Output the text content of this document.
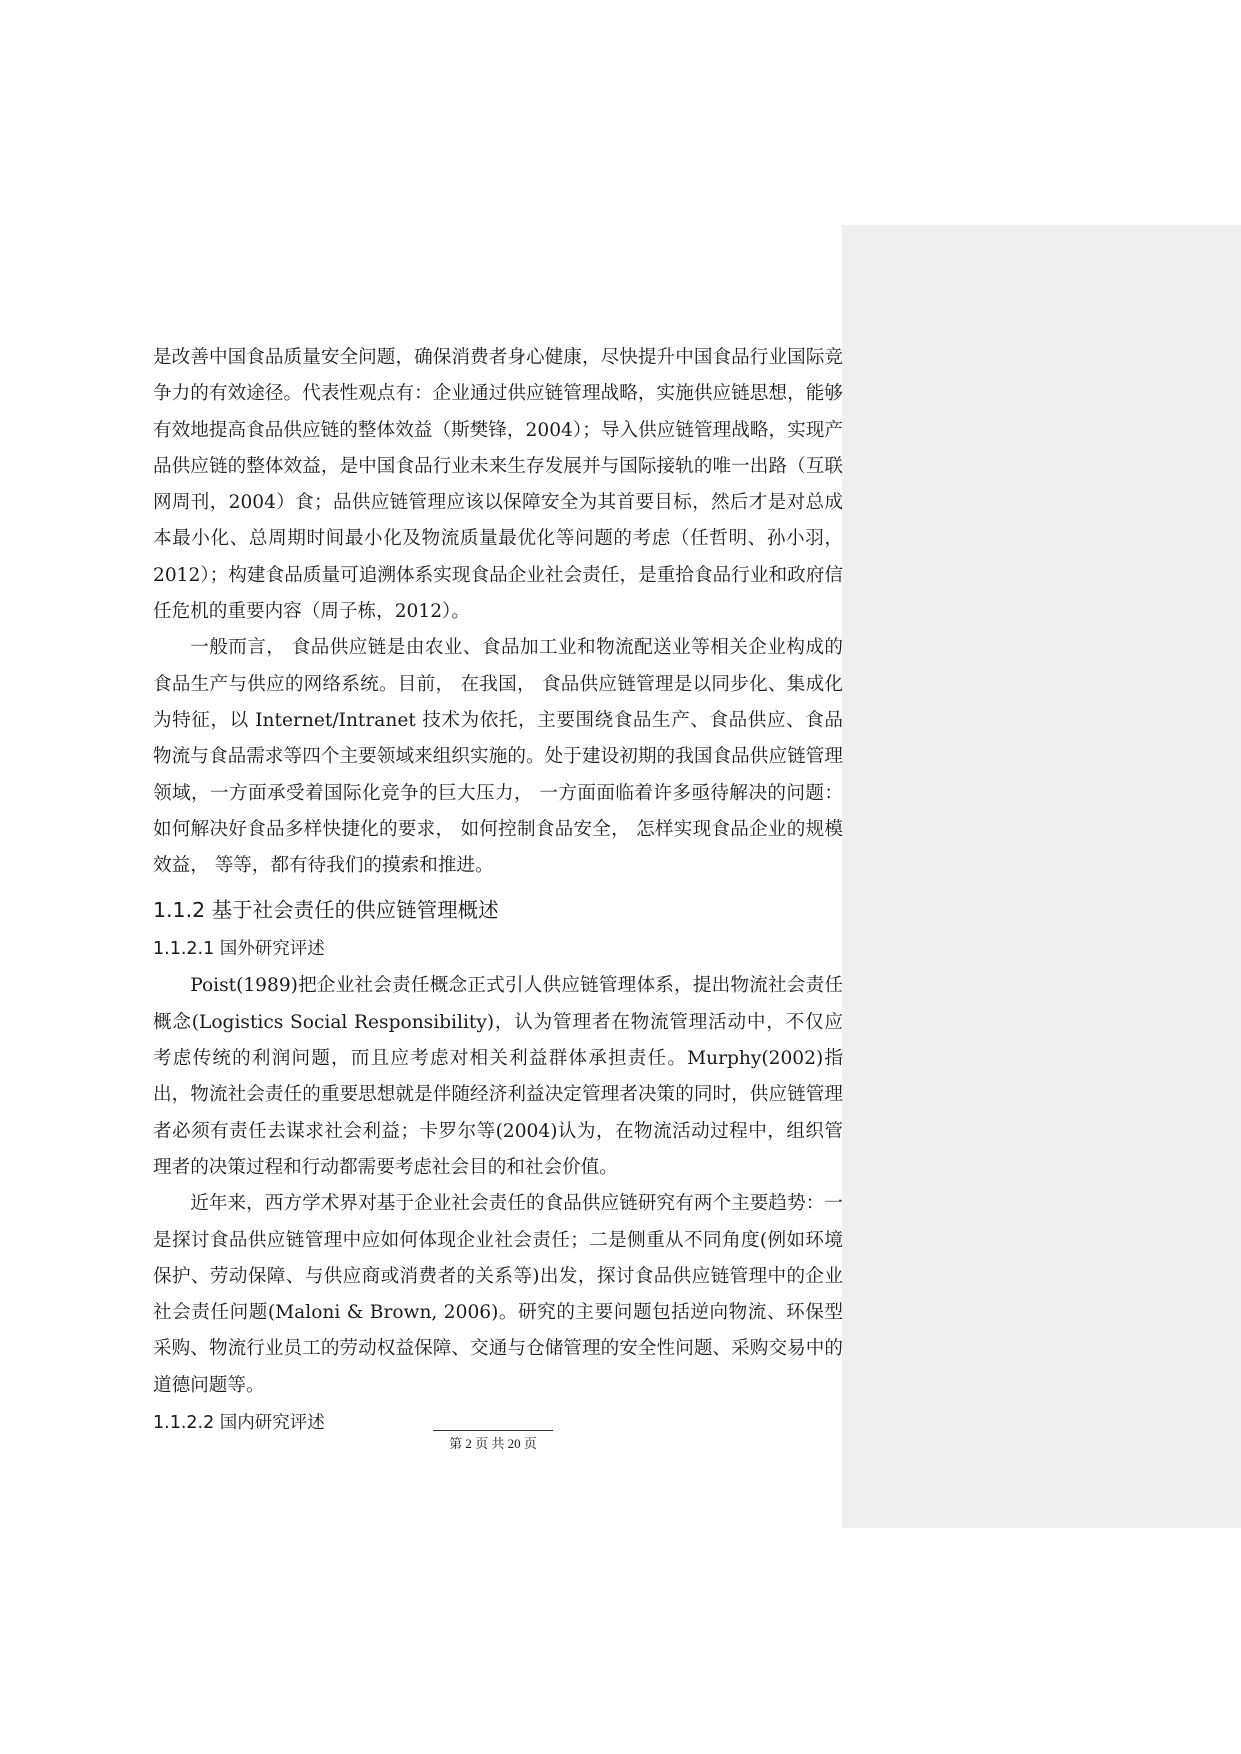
是改善中国食品质量安全问题，确保消费者身心健康，尽快提升中国食品行业国际竞争力的有效途径。代表性观点有：企业通过供应链管理战略，实施供应链思想，能够有效地提高食品供应链的整体效益（斯樊锋，2004）；导入供应链管理战略，实现产品供应链的整体效益，是中国食品行业未来生存发展并与国际接轨的唯一出路（互联网周刊，2004）食；品供应链管理应该以保障安全为其首要目标，然后才是对总成本最小化、总周期时间最小化及物流质量最优化等问题的考虑（任哲明、孙小羽，2012）；构建食品质量可追溯体系实现食品企业社会责任，是重拾食品行业和政府信任危机的重要内容（周子栋，2012）。

一般而言， 食品供应链是由农业、食品加工业和物流配送业等相关企业构成的食品生产与供应的网络系统。目前， 在我国， 食品供应链管理是以同步化、集成化为特征，以 Internet/Intranet 技术为依托，主要围绕食品生产、食品供应、食品物流与食品需求等四个主要领域来组织实施的。处于建设初期的我国食品供应链管理领域，一方面承受着国际化竞争的巨大压力， 一方面面临着许多亟待解决的问题：如何解决好食品多样快捷化的要求， 如何控制食品安全， 怎样实现食品企业的规模效益， 等等，都有待我们的摸索和推进。

1.1.2 基于社会责任的供应链管理概述
1.1.2.1 国外研究评述

Poist(1989)把企业社会责任概念正式引人供应链管理体系，提出物流社会责任概念(Logistics Social Responsibility)，认为管理者在物流管理活动中，不仅应考虑传统的利润问题，而且应考虑对相关利益群体承担责任。Murphy(2002)指出，物流社会责任的重要思想就是伴随经济利益决定管理者决策的同时，供应链管理者必须有责任去谋求社会利益；卡罗尔等(2004)认为，在物流活动过程中，组织管理者的决策过程和行动都需要考虑社会目的和社会价值。

近年来，西方学术界对基于企业社会责任的食品供应链研究有两个主要趋势：一是探讨食品供应链管理中应如何体现企业社会责任；二是侧重从不同角度(例如环境保护、劳动保障、与供应商或消费者的关系等)出发，探讨食品供应链管理中的企业社会责任问题(Maloni & Brown, 2006)。研究的主要问题包括逆向物流、环保型采购、物流行业员工的劳动权益保障、交通与仓储管理的安全性问题、采购交易中的道德问题等。

1.1.2.2 国内研究评述
第 2 页 共 20 页
